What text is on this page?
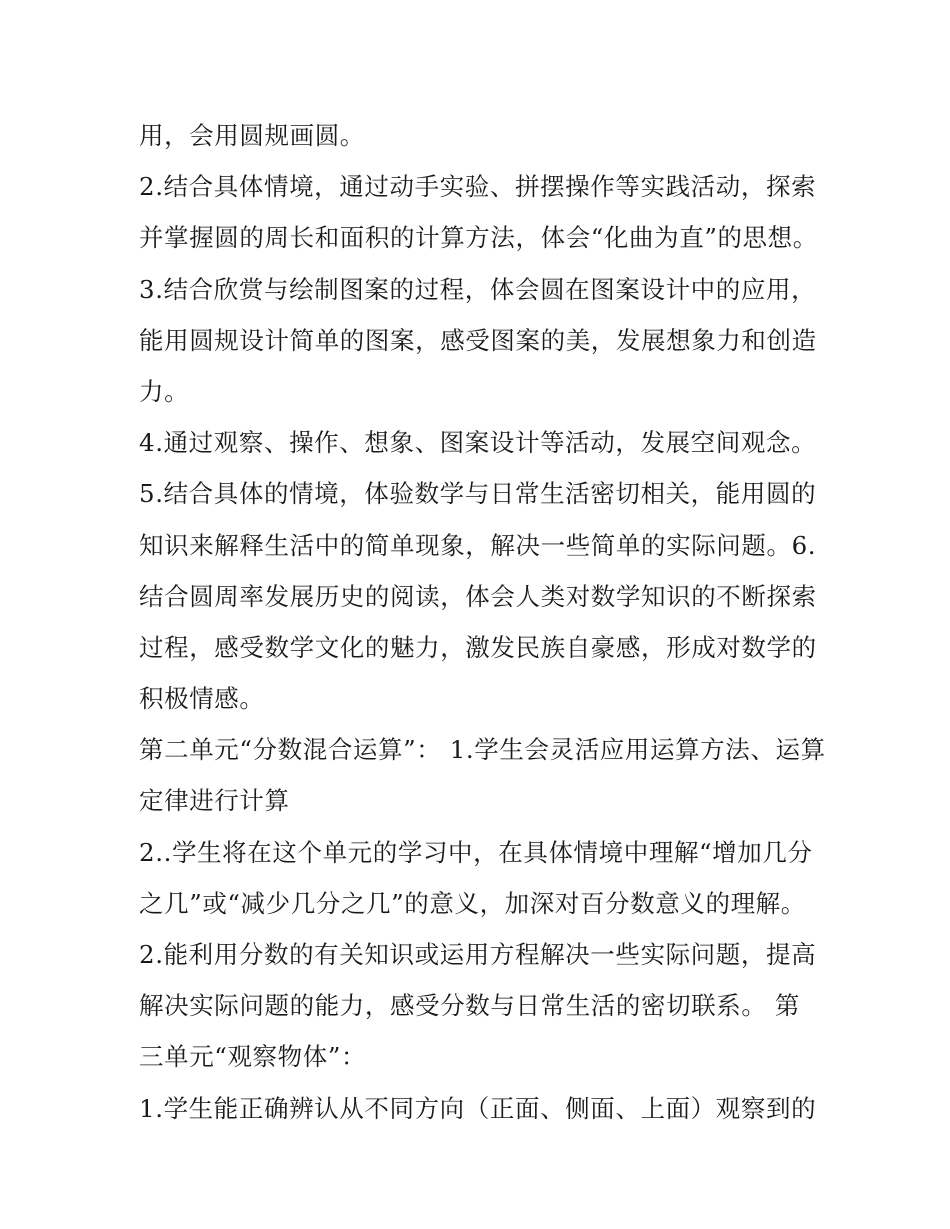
用，会用圆规画圆。
2.结合具体情境，通过动手实验、拼摆操作等实践活动，探索
并掌握圆的周长和面积的计算方法，体会“化曲为直”的思想。
3.结合欣赏与绘制图案的过程，体会圆在图案设计中的应用，
能用圆规设计简单的图案，感受图案的美，发展想象力和创造
力。
4.通过观察、操作、想象、图案设计等活动，发展空间观念。
5.结合具体的情境，体验数学与日常生活密切相关，能用圆的
知识来解释生活中的简单现象，解决一些简单的实际问题。6.
结合圆周率发展历史的阅读，体会人类对数学知识的不断探索
过程，感受数学文化的魅力，激发民族自豪感，形成对数学的
积极情感。
第二单元“分数混合运算”： 1.学生会灵活应用运算方法、运算
定律进行计算
2..学生将在这个单元的学习中，在具体情境中理解“增加几分
之几”或“减少几分之几”的意义，加深对百分数意义的理解。
2.能利用分数的有关知识或运用方程解决一些实际问题，提高
解决实际问题的能力，感受分数与日常生活的密切联系。 第
三单元“观察物体”：
1.学生能正确辨认从不同方向（正面、侧面、上面）观察到的
